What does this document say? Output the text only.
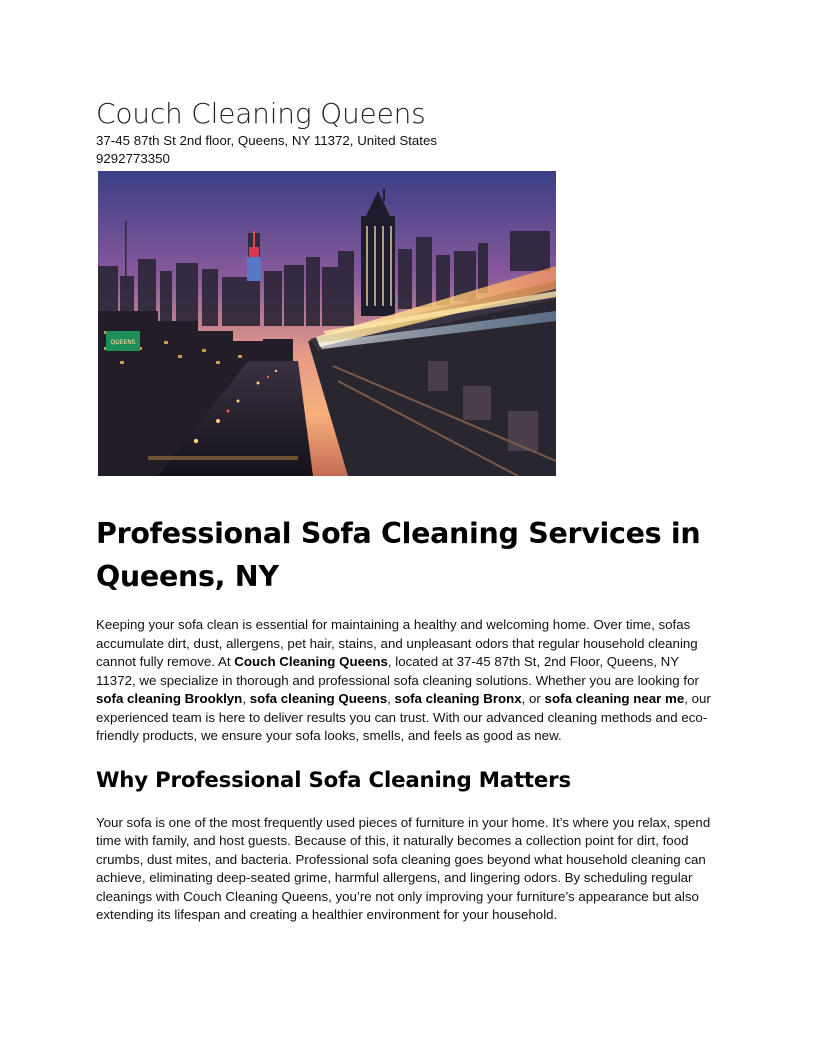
Couch Cleaning Queens

37-45 87th St 2nd floor, Queens, NY 11372, United States

9292773350

QUEENS
Professional Sofa Cleaning Services in Queens, NY

Keeping your sofa clean is essential for maintaining a healthy and welcoming home. Over time, sofas accumulate dirt, dust, allergens, pet hair, stains, and unpleasant odors that regular household cleaning cannot fully remove. At Couch Cleaning Queens, located at 37-45 87th St, 2nd Floor, Queens, NY 11372, we specialize in thorough and professional sofa cleaning solutions. Whether you are looking for sofa cleaning Brooklyn, sofa cleaning Queens, sofa cleaning Bronx, or sofa cleaning near me, our experienced team is here to deliver results you can trust. With our advanced cleaning methods and eco-friendly products, we ensure your sofa looks, smells, and feels as good as new.

Why Professional Sofa Cleaning Matters

Your sofa is one of the most frequently used pieces of furniture in your home. It’s where you relax, spend time with family, and host guests. Because of this, it naturally becomes a collection point for dirt, food crumbs, dust mites, and bacteria. Professional sofa cleaning goes beyond what household cleaning can achieve, eliminating deep-seated grime, harmful allergens, and lingering odors. By scheduling regular cleanings with Couch Cleaning Queens, you’re not only improving your furniture’s appearance but also extending its lifespan and creating a healthier environment for your household.
